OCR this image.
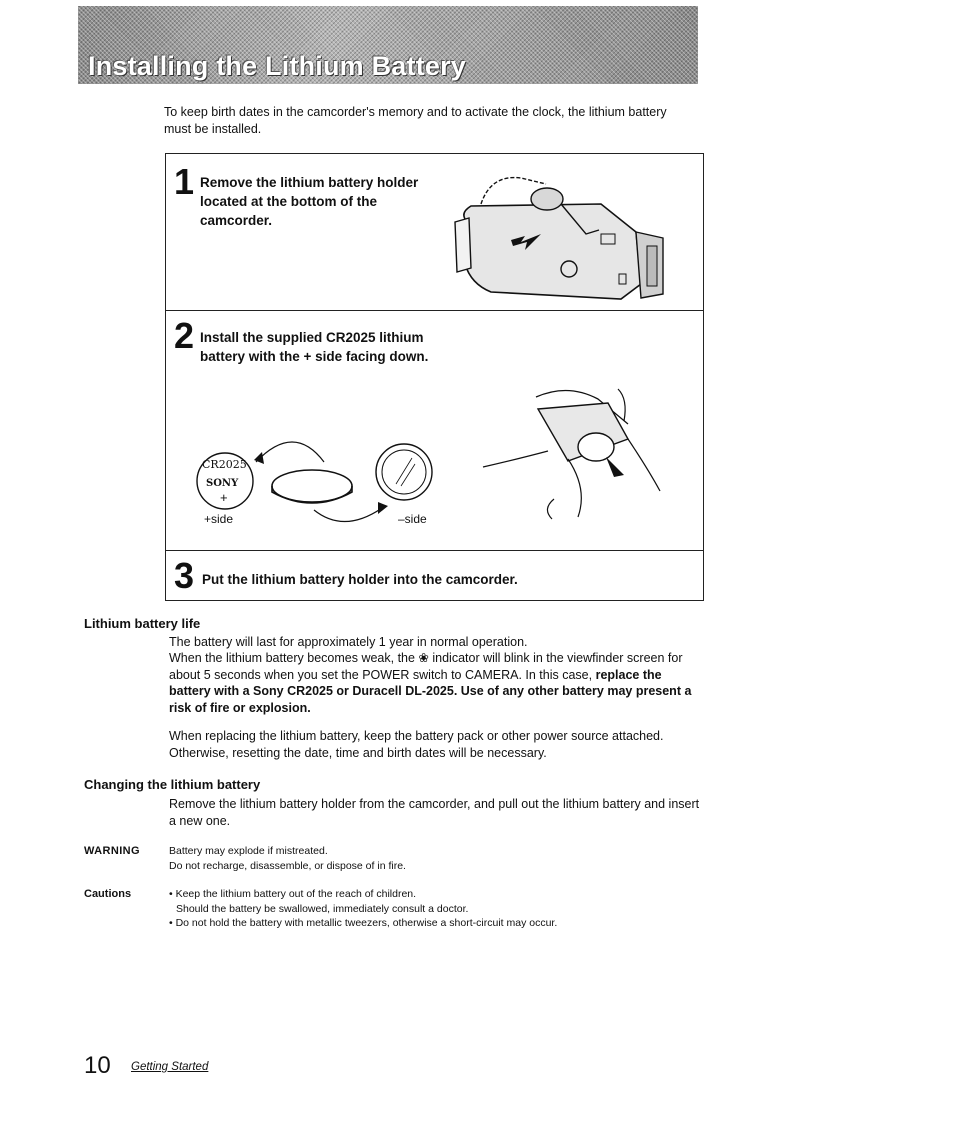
Installing the Lithium Battery

To keep birth dates in the camcorder's memory and to activate the clock, the lithium battery must be installed.

1 Remove the lithium battery holder located at the bottom of the camcorder.
2 Install the supplied CR2025 lithium battery with the + side facing down.
CR2025
SONY
+
+side	–side
3 Put the lithium battery holder into the camcorder.
Lithium battery life
The battery will last for approximately 1 year in normal operation.
When the lithium battery becomes weak, the ❀ indicator will blink in the viewfinder screen for about 5 seconds when you set the POWER switch to CAMERA. In this case, replace the battery with a Sony CR2025 or Duracell DL-2025. Use of any other battery may present a risk of fire or explosion.
When replacing the lithium battery, keep the battery pack or other power source attached. Otherwise, resetting the date, time and birth dates will be necessary.
Changing the lithium battery
Remove the lithium battery holder from the camcorder, and pull out the lithium battery and insert a new one.
WARNING	Battery may explode if mistreated.
Do not recharge, disassemble, or dispose of in fire.
Cautions	• Keep the lithium battery out of the reach of children.
Should the battery be swallowed, immediately consult a doctor.
• Do not hold the battery with metallic tweezers, otherwise a short-circuit may occur.
10 Getting Started
